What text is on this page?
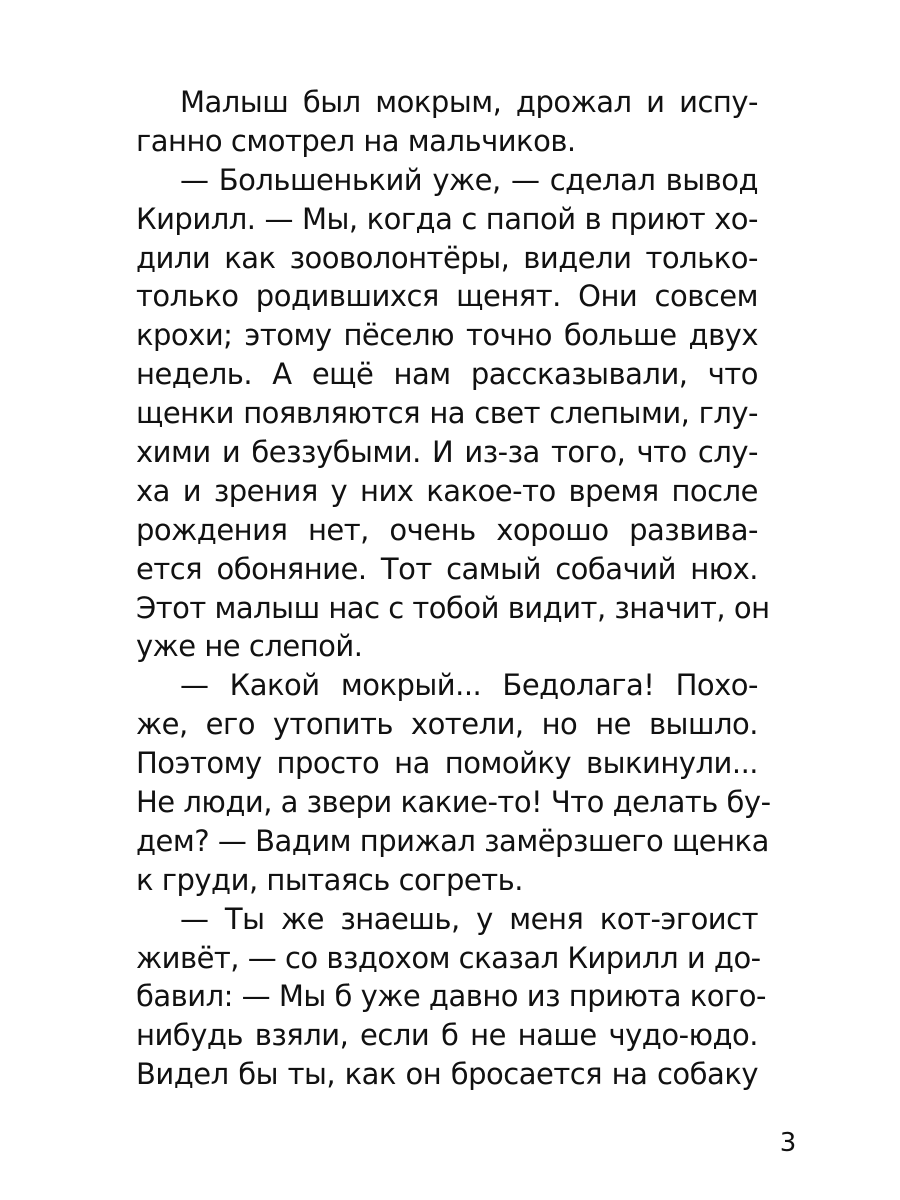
Малыш был мокрым, дрожал и испу-
ганно смотрел на мальчиков.
— Большенький уже, — сделал вывод
Кирилл. — Мы, когда с папой в приют хо-
дили как зооволонтёры, видели только-
только родившихся щенят. Они совсем
крохи; этому пёселю точно больше двух
недель. А ещё нам рассказывали, что
щенки появляются на свет слепыми, глу-
хими и беззубыми. И из-за того, что слу-
ха и зрения у них какое-то время после
рождения нет, очень хорошо развива-
ется обоняние. Тот самый собачий нюх.
Этот малыш нас с тобой видит, значит, он
уже не слепой.
— Какой мокрый... Бедолага! Похо-
же, его утопить хотели, но не вышло.
Поэтому просто на помойку выкинули...
Не люди, а звери какие-то! Что делать бу-
дем? — Вадим прижал замёрзшего щенка
к груди, пытаясь согреть.
— Ты же знаешь, у меня кот-эгоист
живёт, — со вздохом сказал Кирилл и до-
бавил: — Мы б уже давно из приюта кого-
нибудь взяли, если б не наше чудо-юдо.
Видел бы ты, как он бросается на собаку
3
